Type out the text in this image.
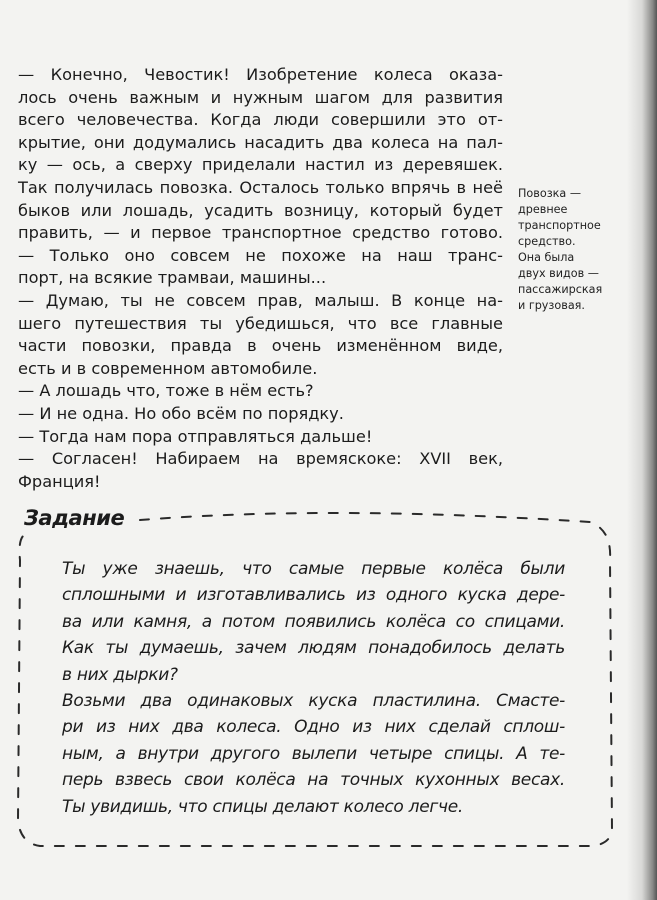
— Конечно, Чевостик! Изобретение колеса оказа-
лось очень важным и нужным шагом для развития
всего человечества. Когда люди совершили это от-
крытие, они додумались насадить два колеса на пал-
ку — ось, а сверху приделали настил из деревяшек.
Так получилась повозка. Осталось только впрячь в неё
быков или лошадь, усадить возницу, который будет
править, — и первое транспортное средство готово.
— Только оно совсем не похоже на наш транс-
порт, на всякие трамваи, машины...
— Думаю, ты не совсем прав, малыш. В конце на-
шего путешествия ты убедишься, что все главные
части повозки, правда в очень изменённом виде,
есть и в современном автомобиле.
— А лошадь что, тоже в нём есть?
— И не одна. Но обо всём по порядку.
— Тогда нам пора отправляться дальше!
— Согласен! Набираем на времяскоке: XVII век,
Франция!
Повозка —
древнее
транспортное
средство.
Она была
двух видов —
пассажирская
и грузовая.
Задание
Ты уже знаешь, что самые первые колёса были
сплошными и изготавливались из одного куска дере-
ва или камня, а потом появились колёса со спицами.
Как ты думаешь, зачем людям понадобилось делать
в них дырки?
Возьми два одинаковых куска пластилина. Смасте-
ри из них два колеса. Одно из них сделай сплош-
ным, а внутри другого вылепи четыре спицы. А те-
перь взвесь свои колёса на точных кухонных весах.
Ты увидишь, что спицы делают колесо легче.
